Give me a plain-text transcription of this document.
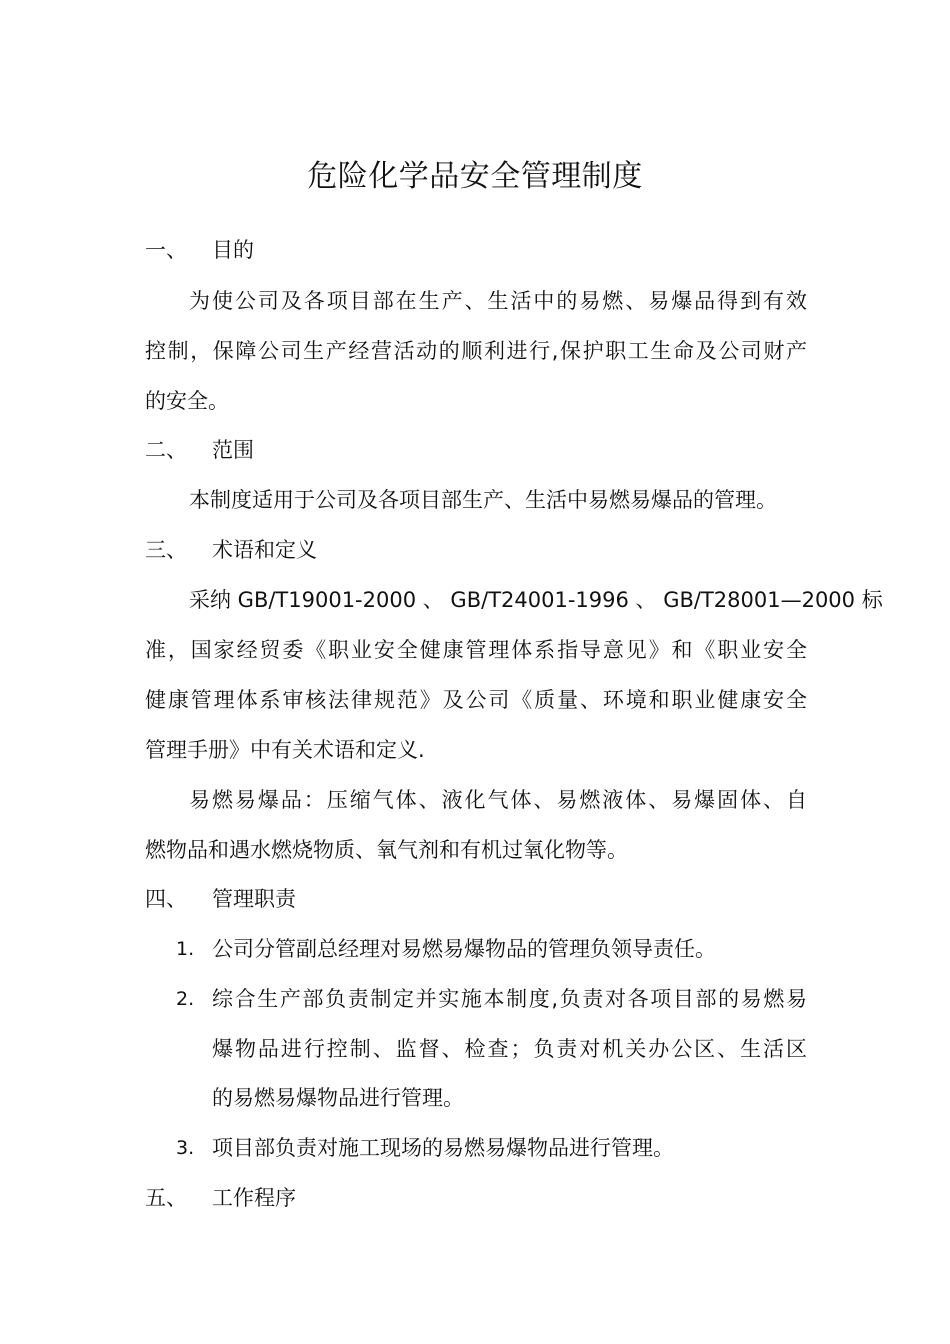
危险化学品安全管理制度
一、 目的
为使公司及各项目部在生产、生活中的易燃、易爆品得到有效
控制，保障公司生产经营活动的顺利进行,保护职工生命及公司财产
的安全。
二、 范围
本制度适用于公司及各项目部生产、生活中易燃易爆品的管理。
三、 术语和定义
采纳 GB/T19001-2000 、 GB/T24001-1996 、 GB/T28001—2000 标
准，国家经贸委《职业安全健康管理体系指导意见》和《职业安全
健康管理体系审核法律规范》及公司《质量、环境和职业健康安全
管理手册》中有关术语和定义.
易燃易爆品：压缩气体、液化气体、易燃液体、易爆固体、自
燃物品和遇水燃烧物质、氧气剂和有机过氧化物等。
四、 管理职责
1. 公司分管副总经理对易燃易爆物品的管理负领导责任。
2. 综合生产部负责制定并实施本制度,负责对各项目部的易燃易
爆物品进行控制、监督、检查；负责对机关办公区、生活区
的易燃易爆物品进行管理。
3. 项目部负责对施工现场的易燃易爆物品进行管理。
五、 工作程序
